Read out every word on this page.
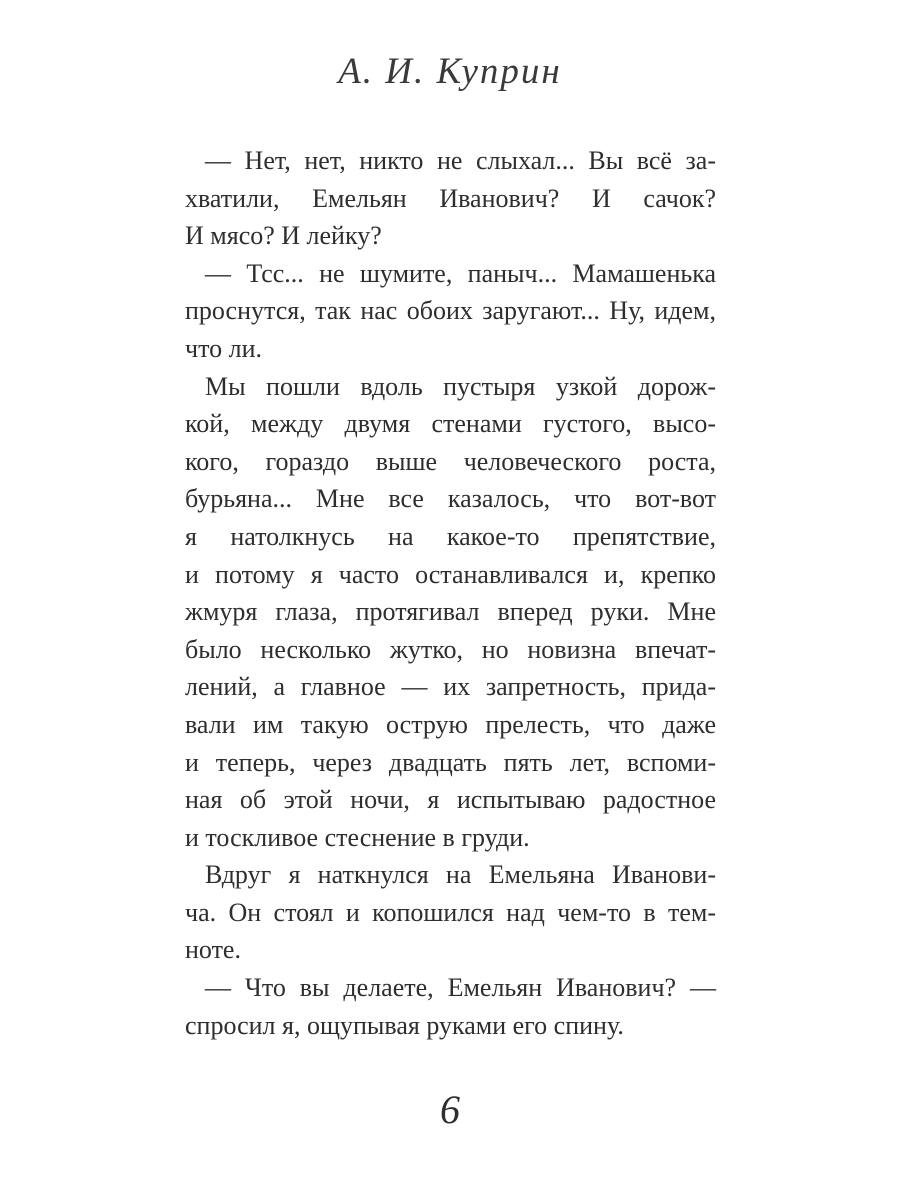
А. И. Куприн
— Нет, нет, никто не слыхал... Вы всё за-
хватили, Емельян Иванович? И сачок?
И мясо? И лейку?
— Тсс... не шумите, паныч... Мамашенька
проснутся, так нас обоих заругают... Ну, идем,
что ли.
Мы пошли вдоль пустыря узкой дорож-
кой, между двумя стенами густого, высо-
кого, гораздо выше человеческого роста,
бурьяна... Мне все казалось, что вот-вот
я натолкнусь на какое-то препятствие,
и потому я часто останавливался и, крепко
жмуря глаза, протягивал вперед руки. Мне
было несколько жутко, но новизна впечат-
лений, а главное — их запретность, прида-
вали им такую острую прелесть, что даже
и теперь, через двадцать пять лет, вспоми-
ная об этой ночи, я испытываю радостное
и тоскливое стеснение в груди.
Вдруг я наткнулся на Емельяна Иванови-
ча. Он стоял и копошился над чем-то в тем-
ноте.
— Что вы делаете, Емельян Иванович? —
спросил я, ощупывая руками его спину.
6
